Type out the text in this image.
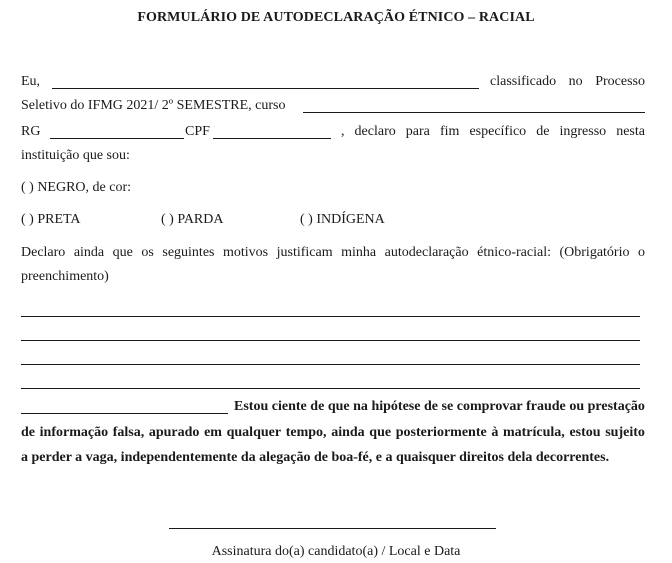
FORMULÁRIO DE AUTODECLARAÇÃO ÉTNICO – RACIAL
Eu,	classificado no Processo
Seletivo do IFMG 2021/ 2º SEMESTRE, curso
RG	CPF	, declaro para fim específico de ingresso nesta
instituição que sou:
( ) NEGRO, de cor:
( ) PRETA	( ) PARDA	( ) INDÍGENA
Declaro ainda que os seguintes motivos justificam minha autodeclaração étnico-racial: (Obrigatório o
preenchimento)
Estou ciente de que na hipótese de se comprovar fraude ou prestação
de informação falsa, apurado em qualquer tempo, ainda que posteriormente à matrícula, estou sujeito
a perder a vaga, independentemente da alegação de boa-fé, e a quaisquer direitos dela decorrentes.
Assinatura do(a) candidato(a) / Local e Data
